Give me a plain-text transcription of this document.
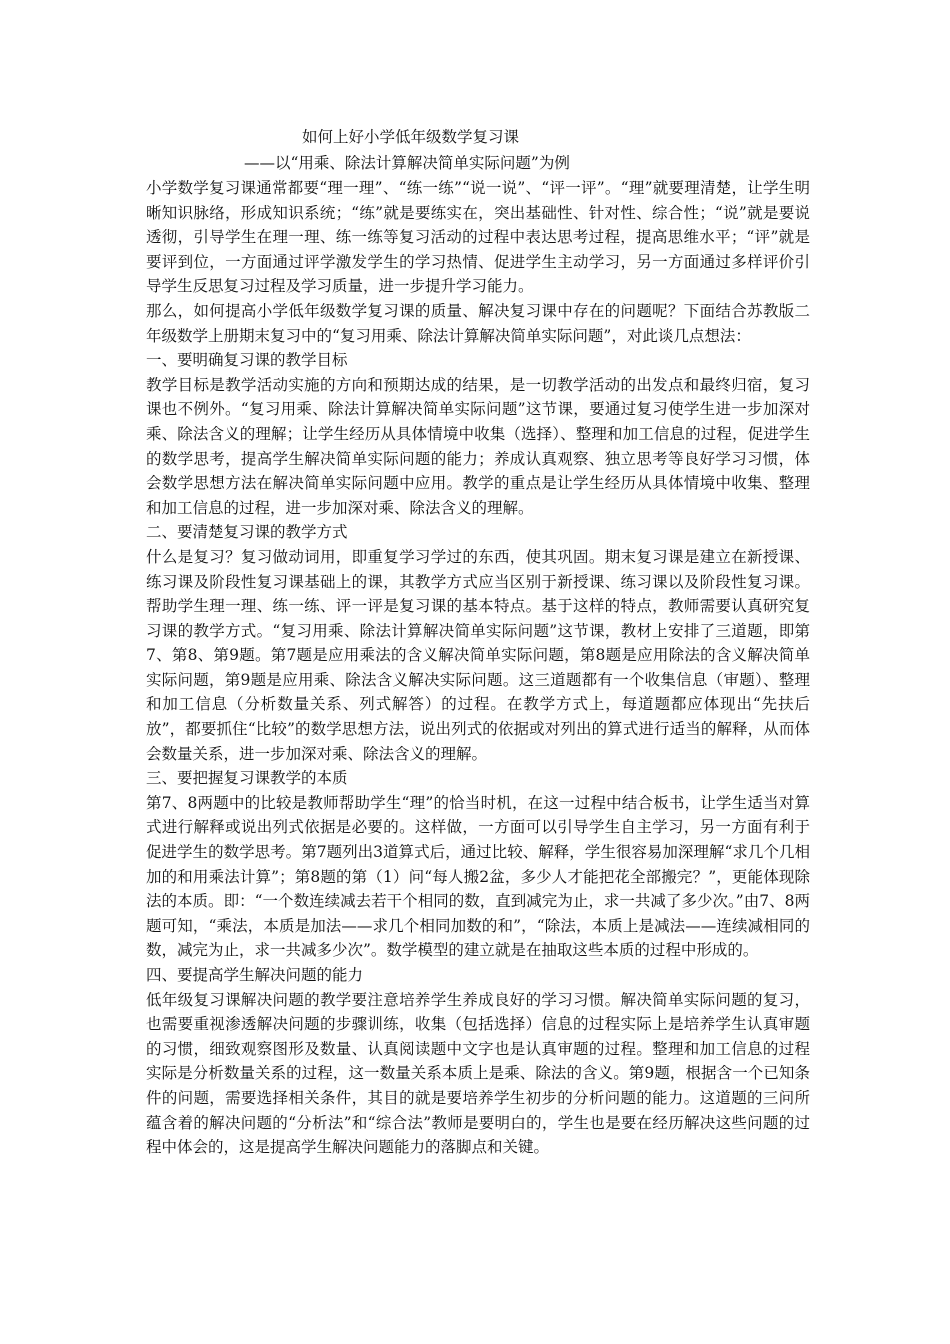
如何上好小学低年级数学复习课
——以“用乘、除法计算解决简单实际问题”为例

小学数学复习课通常都要“理一理”、“练一练”“说一说”、“评一评”。“理”就要理清楚，让学生明晰知识脉络，形成知识系统；“练”就是要练实在，突出基础性、针对性、综合性；“说”就是要说透彻，引导学生在理一理、练一练等复习活动的过程中表达思考过程，提高思维水平；“评”就是要评到位，一方面通过评学激发学生的学习热情、促进学生主动学习，另一方面通过多样评价引导学生反思复习过程及学习质量，进一步提升学习能力。

那么，如何提高小学低年级数学复习课的质量、解决复习课中存在的问题呢？下面结合苏教版二年级数学上册期末复习中的“复习用乘、除法计算解决简单实际问题”，对此谈几点想法：

一、要明确复习课的教学目标

教学目标是教学活动实施的方向和预期达成的结果，是一切教学活动的出发点和最终归宿，复习课也不例外。“复习用乘、除法计算解决简单实际问题”这节课，要通过复习使学生进一步加深对乘、除法含义的理解；让学生经历从具体情境中收集（选择）、整理和加工信息的过程，促进学生的数学思考，提高学生解决简单实际问题的能力；养成认真观察、独立思考等良好学习习惯，体会数学思想方法在解决简单实际问题中应用。教学的重点是让学生经历从具体情境中收集、整理和加工信息的过程，进一步加深对乘、除法含义的理解。

二、要清楚复习课的教学方式

什么是复习？复习做动词用，即重复学习学过的东西，使其巩固。期末复习课是建立在新授课、练习课及阶段性复习课基础上的课，其教学方式应当区别于新授课、练习课以及阶段性复习课。帮助学生理一理、练一练、评一评是复习课的基本特点。基于这样的特点，教师需要认真研究复习课的教学方式。“复习用乘、除法计算解决简单实际问题”这节课，教材上安排了三道题，即第7、第8、第9题。第7题是应用乘法的含义解决简单实际问题，第8题是应用除法的含义解决简单实际问题，第9题是应用乘、除法含义解决实际问题。这三道题都有一个收集信息（审题）、整理和加工信息（分析数量关系、列式解答）的过程。在教学方式上，每道题都应体现出“先扶后放”，都要抓住“比较”的数学思想方法，说出列式的依据或对列出的算式进行适当的解释，从而体会数量关系，进一步加深对乘、除法含义的理解。

三、要把握复习课教学的本质

第7、8两题中的比较是教师帮助学生“理”的恰当时机，在这一过程中结合板书，让学生适当对算式进行解释或说出列式依据是必要的。这样做，一方面可以引导学生自主学习，另一方面有利于促进学生的数学思考。第7题列出3道算式后，通过比较、解释，学生很容易加深理解“求几个几相加的和用乘法计算”；第8题的第（1）问“每人搬2盆，多少人才能把花全部搬完？”，更能体现除法的本质。即：“一个数连续减去若干个相同的数，直到减完为止，求一共减了多少次。”由7、8两题可知，“乘法，本质是加法——求几个相同加数的和”，“除法，本质上是减法——连续减相同的数，减完为止，求一共减多少次”。数学模型的建立就是在抽取这些本质的过程中形成的。

四、要提高学生解决问题的能力

低年级复习课解决问题的教学要注意培养学生养成良好的学习习惯。解决简单实际问题的复习，也需要重视渗透解决问题的步骤训练，收集（包括选择）信息的过程实际上是培养学生认真审题的习惯，细致观察图形及数量、认真阅读题中文字也是认真审题的过程。整理和加工信息的过程实际是分析数量关系的过程，这一数量关系本质上是乘、除法的含义。第9题，根据含一个已知条件的问题，需要选择相关条件，其目的就是要培养学生初步的分析问题的能力。这道题的三问所蕴含着的解决问题的“分析法”和“综合法”教师是要明白的，学生也是要在经历解决这些问题的过程中体会的，这是提高学生解决问题能力的落脚点和关键。
